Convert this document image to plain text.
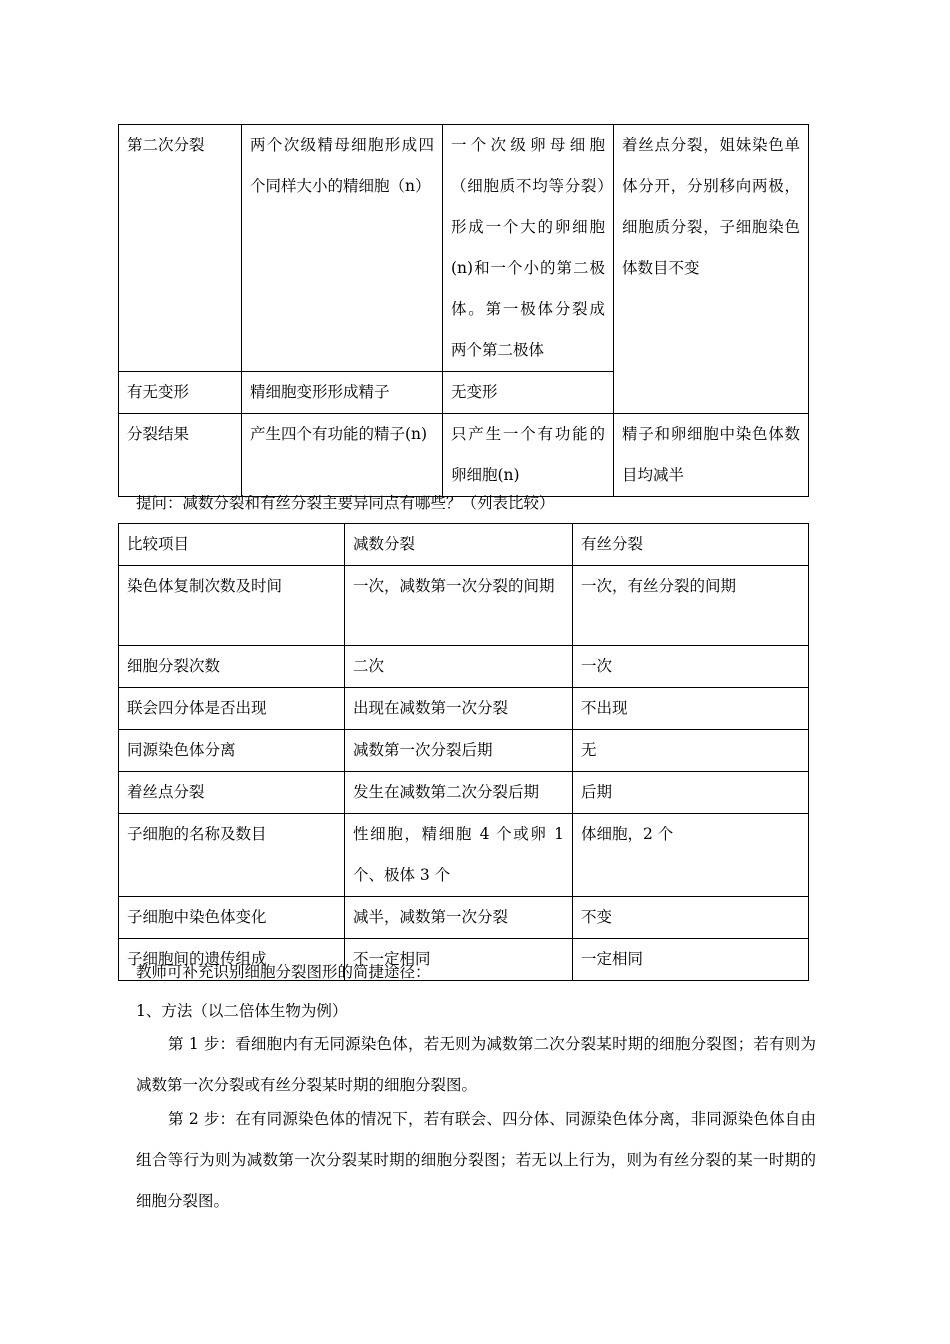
第二次分裂	两个次级精母细胞形成四个同样大小的精细胞（n）	一个次级卵母细胞（细胞质不均等分裂）形成一个大的卵细胞(n)和一个小的第二极体。第一极体分裂成两个第二极体	着丝点分裂，姐妹染色单体分开，分别移向两极，细胞质分裂，子细胞染色体数目不变
有无变形	精细胞变形形成精子	无变形	
分裂结果	产生四个有功能的精子(n)	只产生一个有功能的卵细胞(n)	精子和卵细胞中染色体数目均减半
提问：减数分裂和有丝分裂主要异同点有哪些？（列表比较）
比较项目	减数分裂	有丝分裂
染色体复制次数及时间	一次，减数第一次分裂的间期	一次，有丝分裂的间期
细胞分裂次数	二次	一次
联会四分体是否出现	出现在减数第一次分裂	不出现
同源染色体分离	减数第一次分裂后期	无
着丝点分裂	发生在减数第二次分裂后期	后期
子细胞的名称及数目	性细胞，精细胞 4 个或卵 1 个、极体 3 个	体细胞，2 个
子细胞中染色体变化	减半，减数第一次分裂	不变
子细胞间的遗传组成	不一定相同	一定相同
教师可补充识别细胞分裂图形的简捷途径：
1、方法（以二倍体生物为例）
第 1 步：看细胞内有无同源染色体，若无则为减数第二次分裂某时期的细胞分裂图；若有则为减数第一次分裂或有丝分裂某时期的细胞分裂图。
第 2 步：在有同源染色体的情况下，若有联会、四分体、同源染色体分离，非同源染色体自由组合等行为则为减数第一次分裂某时期的细胞分裂图；若无以上行为，则为有丝分裂的某一时期的细胞分裂图。
